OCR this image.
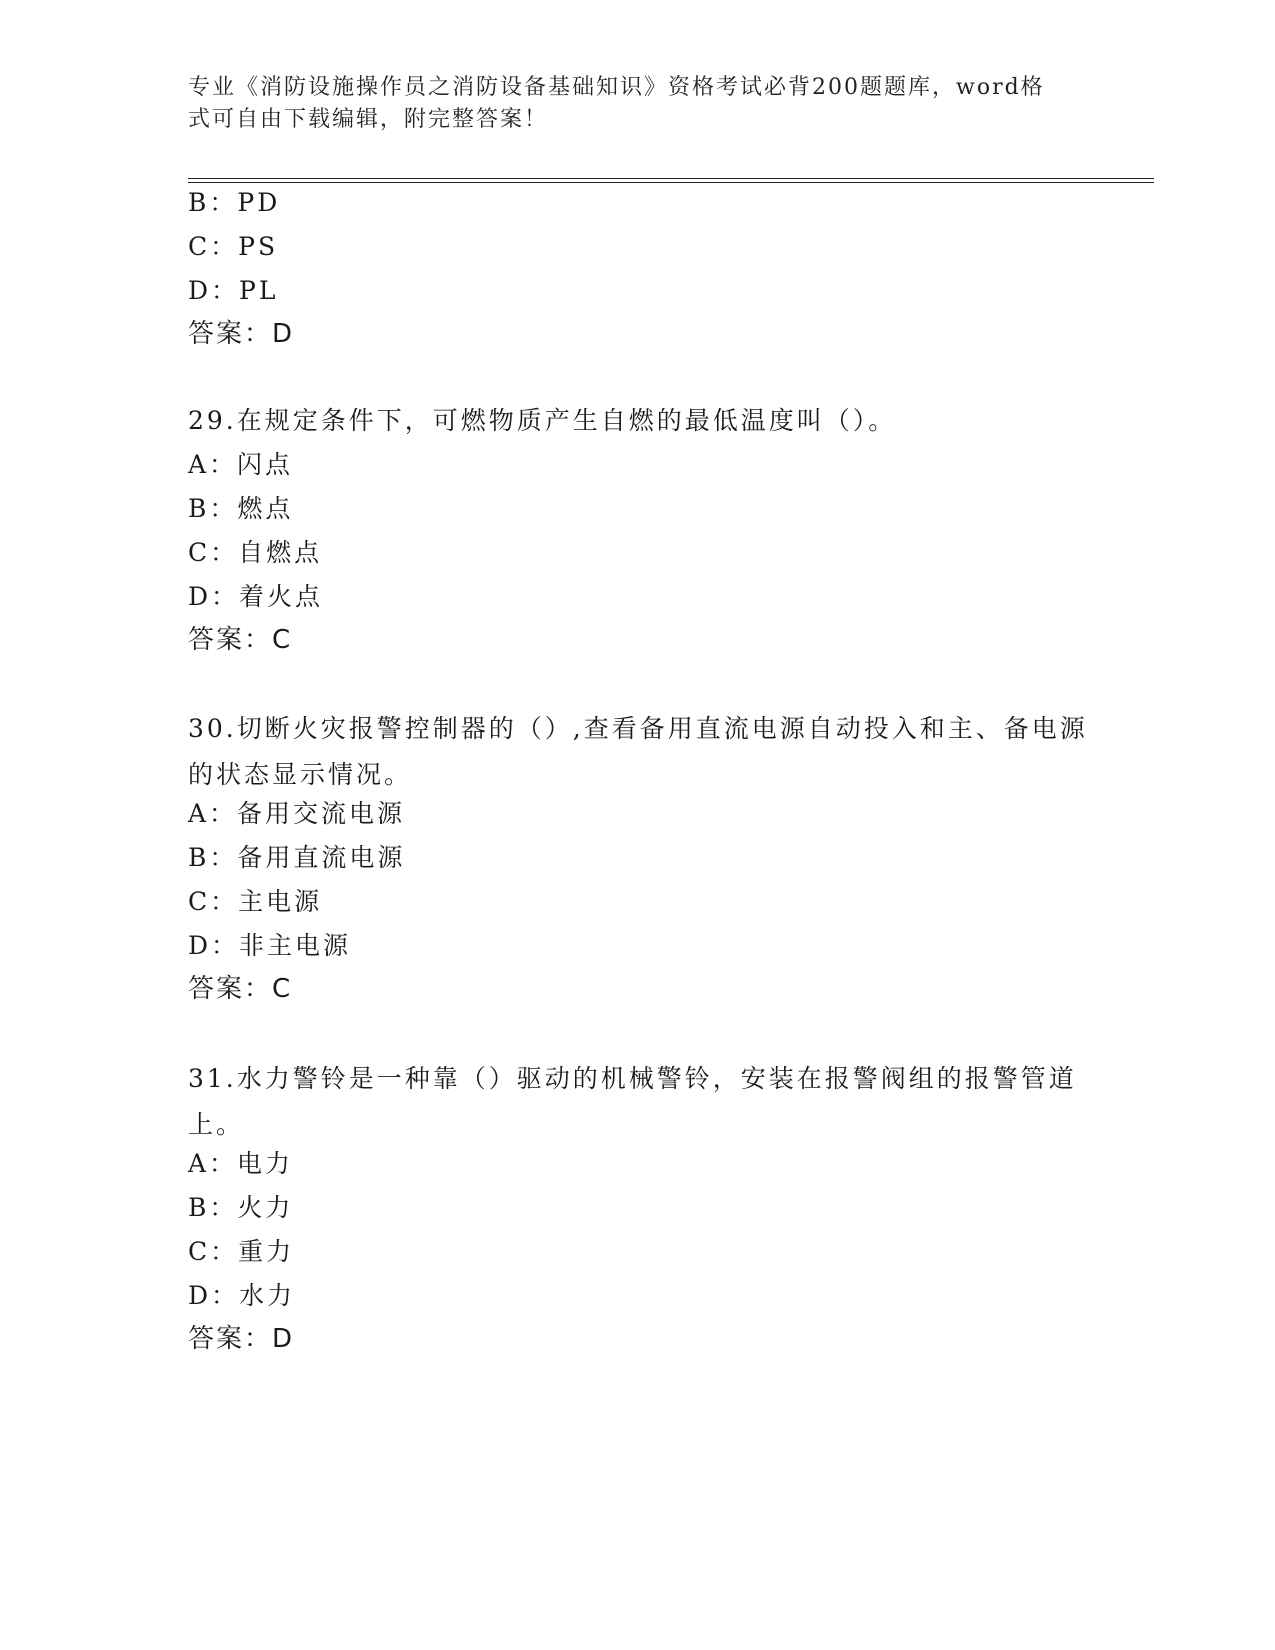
专业《消防设施操作员之消防设备基础知识》资格考试必背200题题库，word格式可自由下载编辑，附完整答案！
B：PD
C：PS
D：PL
答案：D
29.在规定条件下，可燃物质产生自燃的最低温度叫（）。
A：闪点
B：燃点
C：自燃点
D：着火点
答案：C
30.切断火灾报警控制器的（）,查看备用直流电源自动投入和主、备电源的状态显示情况。
A：备用交流电源
B：备用直流电源
C：主电源
D：非主电源
答案：C
31.水力警铃是一种靠（）驱动的机械警铃，安装在报警阀组的报警管道上。
A：电力
B：火力
C：重力
D：水力
答案：D
